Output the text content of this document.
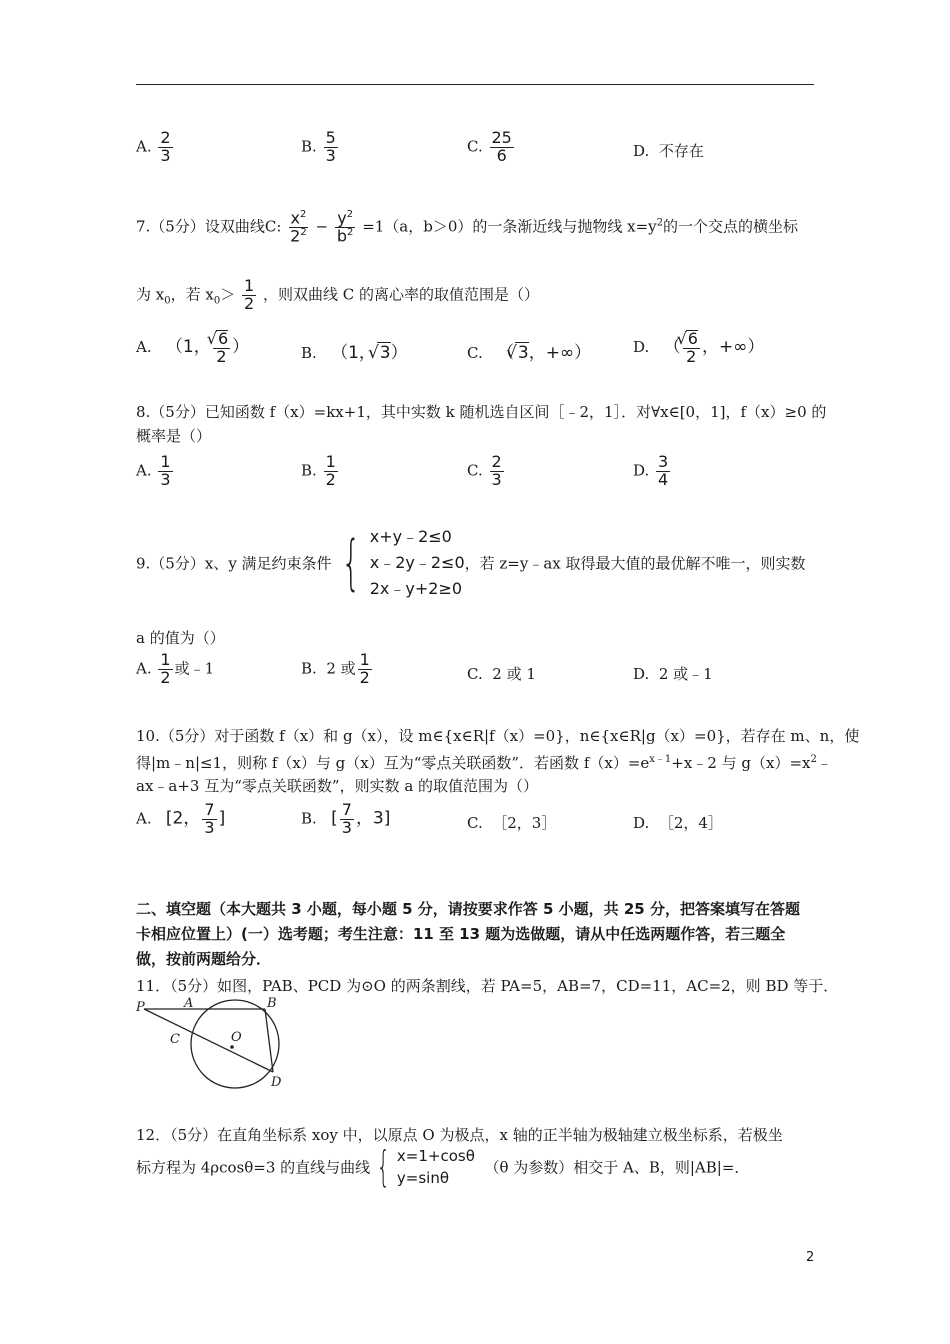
A. $\frac{2}{3}$	B. $\frac{5}{3}$	C. $\frac{25}{6}$	D. 不存在
7.（5分）设双曲线C: $\frac{x^2}{2^2} - \frac{y^2}{b^2} =1(a$，b＞0）的一条渐近线与抛物线 $x=y^2$的一个交点的横坐标
为 $x_0$，若 $x_0> \frac{1}{2}$ ，则双曲线 C 的离心率的取值范围是（）
A. （1， √ $\frac{6}{2}$ ）	B. （1， √ 3）	C. （ √ 3，+∞）	D. （ √ $\frac{6}{2}$ ，+∞）
8.（5分）已知函数 f（x）=kx+1，其中实数 k 随机选自区间［﹣2，1］．对∀x∈[0，1]，f（x）≥0 的
概率是（）
A. $\frac{1}{3}$	B. $\frac{1}{2}$	C. $\frac{2}{3}$	D. $\frac{3}{4}$
9.（5分）x、y 满足约束条件 { x+y﹣2≤0
x﹣2y﹣2≤0
2x﹣y+2≥0
，若 z=y﹣ax 取得最大值的最优解不唯一，则实数
a 的值为（）
A. $\frac{1}{2}$ 或﹣1	B. 2 或 $\frac{1}{2}$	C. 2 或 1	D. 2 或﹣1
10.（5分）对于函数 f（x）和 g（x），设 m∈{x∈R|f（x）=0}，n∈{x∈R|g（x）=0}，若存在 m、n，使
得|m﹣n|≤1，则称 f（x）与 g（x）互为“零点关联函数”．若函数 $f(x)=e^{x﹣1}+x﹣2$ 与 $g(x)=x^2﹣$
ax﹣a+3 互为“零点关联函数”，则实数 a 的取值范围为（）
A. [2， $\frac{7}{3}$ ]	B. [ $\frac{7}{3}$ ，3]	C. ［2，3］	D. ［2，4］
二、填空题（本大题共 3 小题，每小题 5 分，请按要求作答 5 小题，共 25 分，把答案填写在答题
卡相应位置上）(一）选考题；考生注意：11 至 13 题为选做题，请从中任选两题作答，若三题全
做，按前两题给分．
11．（5分）如图，PAB、PCD 为⊙O 的两条割线，若 PA=5，AB=7，CD=11，AC=2，则 BD 等于．
P	A	B
C	O
D
12．（5分）在直角坐标系 xoy 中，以原点 O 为极点，x 轴的正半轴为极轴建立极坐标系，若极坐
标方程为 4ρcosθ=3 的直线与曲线 { x=1+cosθ
y=sinθ
（θ 为参数）相交于 A、B，则|AB|=．
2
